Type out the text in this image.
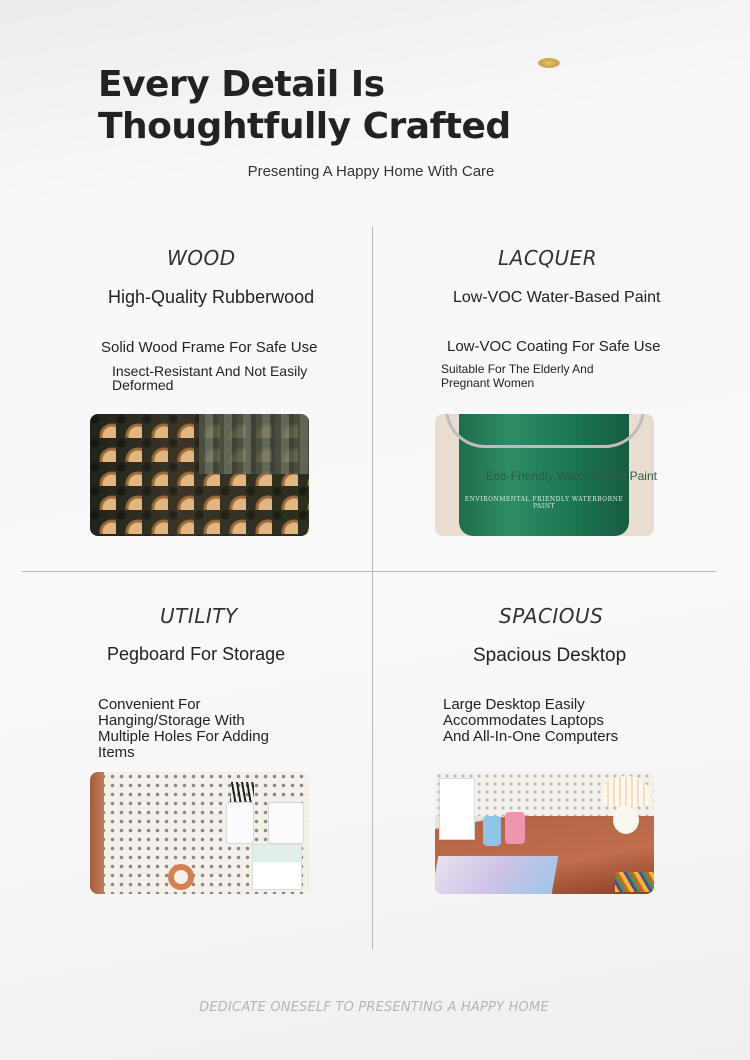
Every Detail Is Thoughtfully Crafted
Presenting A Happy Home With Care
WOOD
High-Quality Rubberwood
Solid Wood Frame For Safe Use
Insect-Resistant And Not Easily Deformed
LACQUER
Low-VOC Water-Based Paint
Low-VOC Coating For Safe Use
Suitable For The Elderly And Pregnant Women
ENVIRONMENTAL FRIENDLY WATERBORNE PAINT
Eco-Friendly Water-Based Paint
UTILITY
Pegboard For Storage
Convenient For Hanging/Storage With Multiple Holes For Adding Items
SPACIOUS
Spacious Desktop
Large Desktop Easily Accommodates Laptops And All-In-One Computers
DEDICATE ONESELF TO PRESENTING A HAPPY HOME
